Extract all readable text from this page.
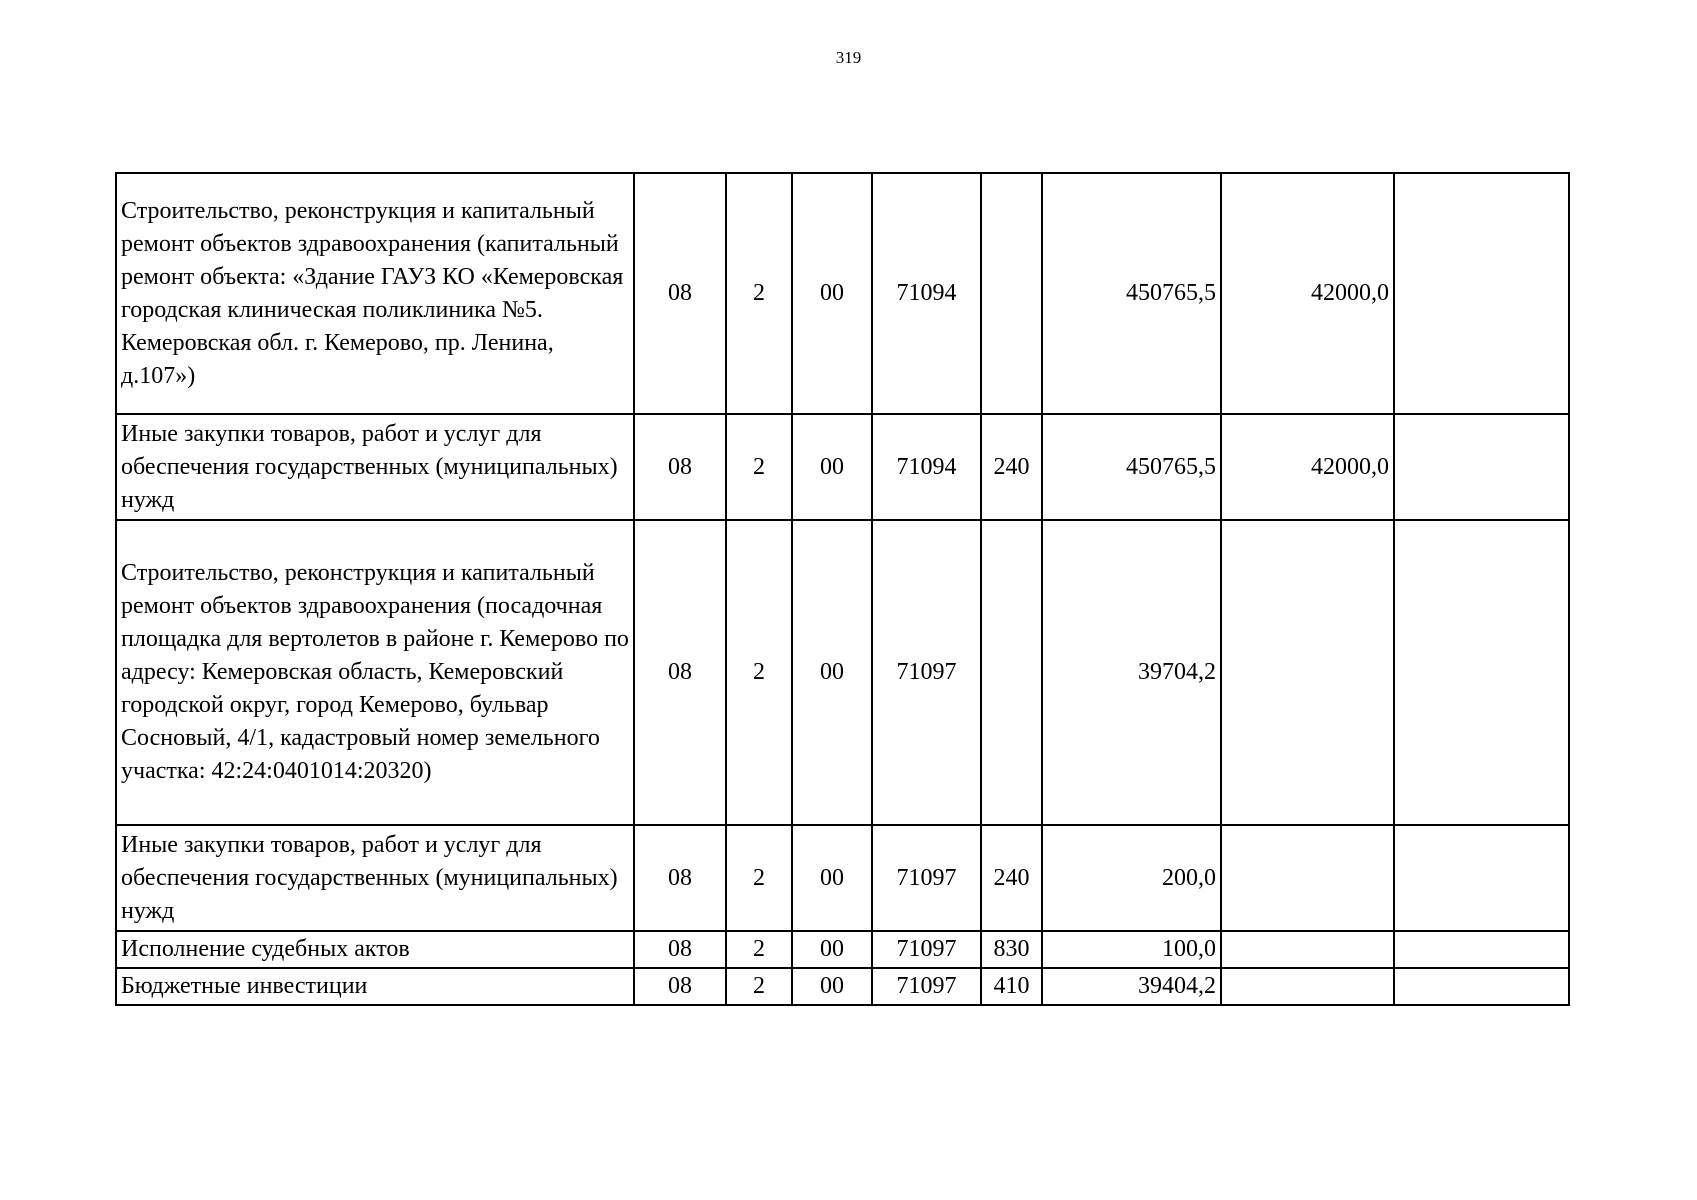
319
Строительство, реконструкция и капитальный ремонт объектов здравоохранения (капитальный ремонт объекта: «Здание ГАУЗ КО «Кемеровская городская клиническая поликлиника №5. Кемеровская обл. г. Кемерово, пр. Ленина, д.107»)	08	2	00	71094		450765,5	42000,0	
Иные закупки товаров, работ и услуг для обеспечения государственных (муниципальных) нужд	08	2	00	71094	240	450765,5	42000,0	
Строительство, реконструкция и капитальный ремонт объектов здравоохранения (посадочная площадка для вертолетов в районе г. Кемерово по адресу: Кемеровская область, Кемеровский городской округ, город Кемерово, бульвар Сосновый, 4/1, кадастровый номер земельного участка: 42:24:0401014:20320)	08	2	00	71097		39704,2		
Иные закупки товаров, работ и услуг для обеспечения государственных (муниципальных) нужд	08	2	00	71097	240	200,0		
Исполнение судебных актов	08	2	00	71097	830	100,0		
Бюджетные инвестиции	08	2	00	71097	410	39404,2		
